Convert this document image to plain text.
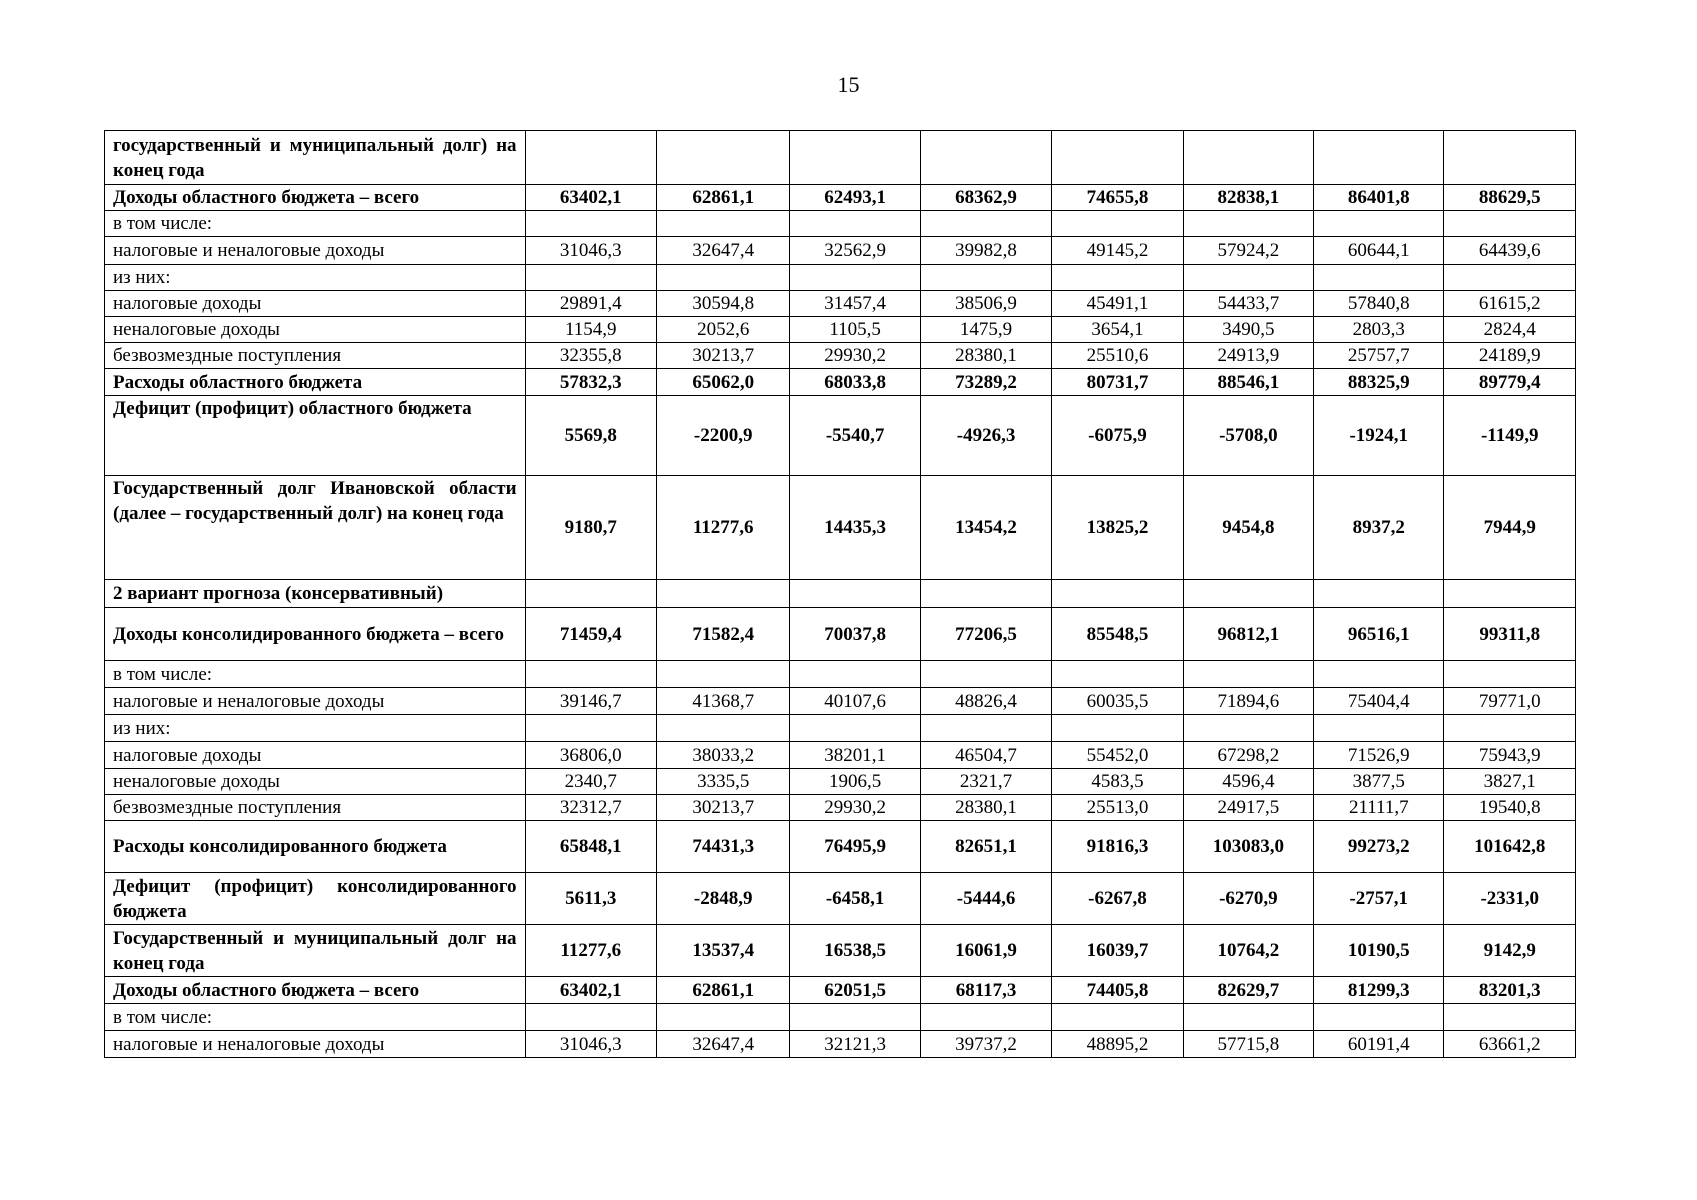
15
государственный и муниципальный долг) на конец года								
Доходы областного бюджета – всего	63402,1	62861,1	62493,1	68362,9	74655,8	82838,1	86401,8	88629,5
в том числе:								
налоговые и неналоговые доходы	31046,3	32647,4	32562,9	39982,8	49145,2	57924,2	60644,1	64439,6
из них:								
налоговые доходы	29891,4	30594,8	31457,4	38506,9	45491,1	54433,7	57840,8	61615,2
неналоговые доходы	1154,9	2052,6	1105,5	1475,9	3654,1	3490,5	2803,3	2824,4
безвозмездные поступления	32355,8	30213,7	29930,2	28380,1	25510,6	24913,9	25757,7	24189,9
Расходы областного бюджета	57832,3	65062,0	68033,8	73289,2	80731,7	88546,1	88325,9	89779,4
Дефицит (профицит) областного бюджета	5569,8	-2200,9	-5540,7	-4926,3	-6075,9	-5708,0	-1924,1	-1149,9
Государственный долг Ивановской области (далее – государственный долг) на конец года	9180,7	11277,6	14435,3	13454,2	13825,2	9454,8	8937,2	7944,9
2 вариант прогноза (консервативный)								
Доходы консолидированного бюджета – всего	71459,4	71582,4	70037,8	77206,5	85548,5	96812,1	96516,1	99311,8
в том числе:								
налоговые и неналоговые доходы	39146,7	41368,7	40107,6	48826,4	60035,5	71894,6	75404,4	79771,0
из них:								
налоговые доходы	36806,0	38033,2	38201,1	46504,7	55452,0	67298,2	71526,9	75943,9
неналоговые доходы	2340,7	3335,5	1906,5	2321,7	4583,5	4596,4	3877,5	3827,1
безвозмездные поступления	32312,7	30213,7	29930,2	28380,1	25513,0	24917,5	21111,7	19540,8
Расходы консолидированного бюджета	65848,1	74431,3	76495,9	82651,1	91816,3	103083,0	99273,2	101642,8
Дефицит (профицит) консолидированного бюджета	5611,3	-2848,9	-6458,1	-5444,6	-6267,8	-6270,9	-2757,1	-2331,0
Государственный и муниципальный долг на конец года	11277,6	13537,4	16538,5	16061,9	16039,7	10764,2	10190,5	9142,9
Доходы областного бюджета – всего	63402,1	62861,1	62051,5	68117,3	74405,8	82629,7	81299,3	83201,3
в том числе:								
налоговые и неналоговые доходы	31046,3	32647,4	32121,3	39737,2	48895,2	57715,8	60191,4	63661,2
